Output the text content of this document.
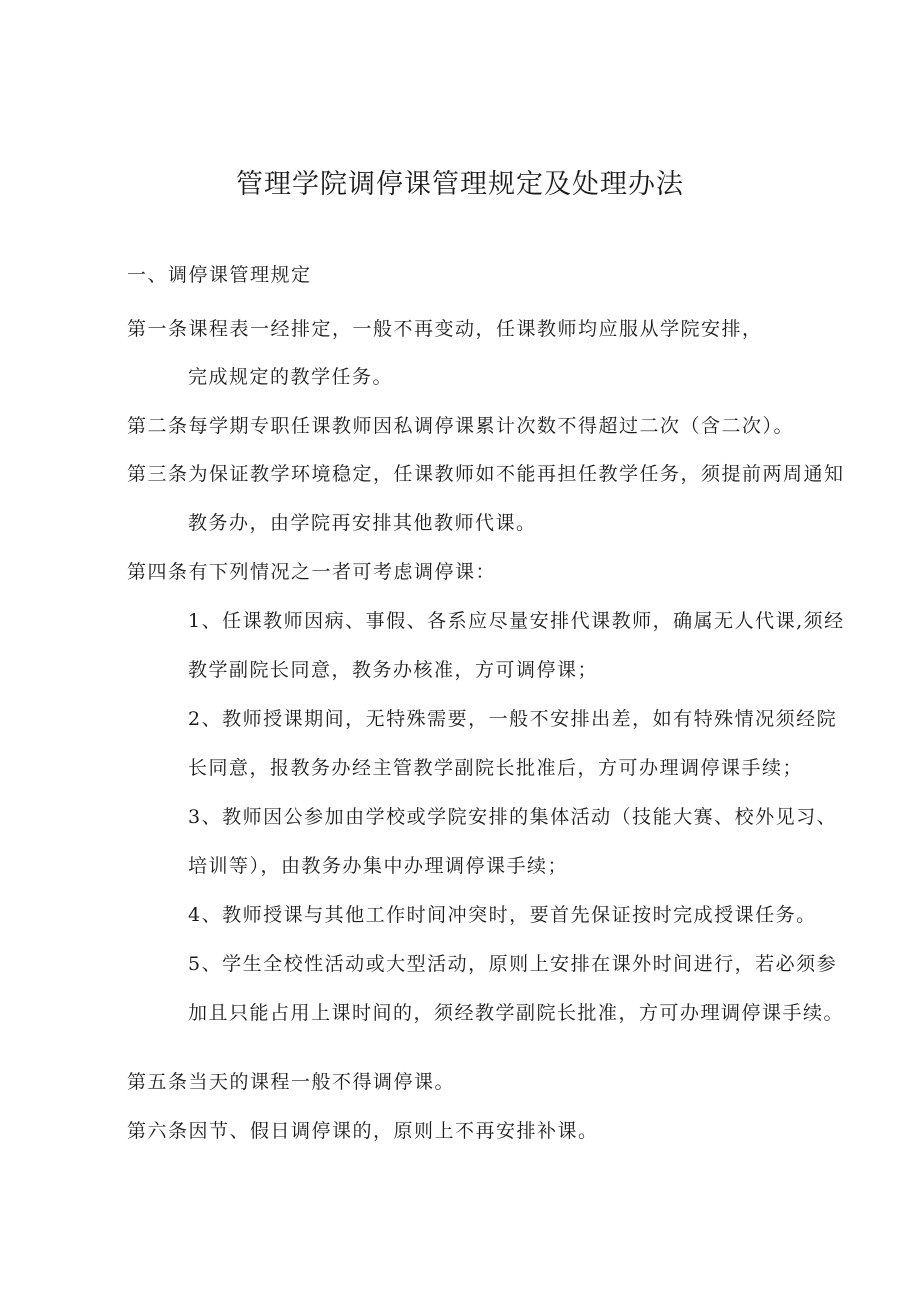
管理学院调停课管理规定及处理办法
一、调停课管理规定
第一条课程表一经排定，一般不再变动，任课教师均应服从学院安排，
完成规定的教学任务。
第二条每学期专职任课教师因私调停课累计次数不得超过二次（含二次）。
第三条为保证教学环境稳定，任课教师如不能再担任教学任务，须提前两周通知
教务办，由学院再安排其他教师代课。
第四条有下列情况之一者可考虑调停课：
1、任课教师因病、事假、各系应尽量安排代课教师，确属无人代课,须经
教学副院长同意，教务办核准，方可调停课；
2、教师授课期间，无特殊需要，一般不安排出差，如有特殊情况须经院
长同意，报教务办经主管教学副院长批准后，方可办理调停课手续；
3、教师因公参加由学校或学院安排的集体活动（技能大赛、校外见习、
培训等），由教务办集中办理调停课手续；
4、教师授课与其他工作时间冲突时，要首先保证按时完成授课任务。
5、学生全校性活动或大型活动，原则上安排在课外时间进行，若必须参
加且只能占用上课时间的，须经教学副院长批准，方可办理调停课手续。
第五条当天的课程一般不得调停课。
第六条因节、假日调停课的，原则上不再安排补课。
